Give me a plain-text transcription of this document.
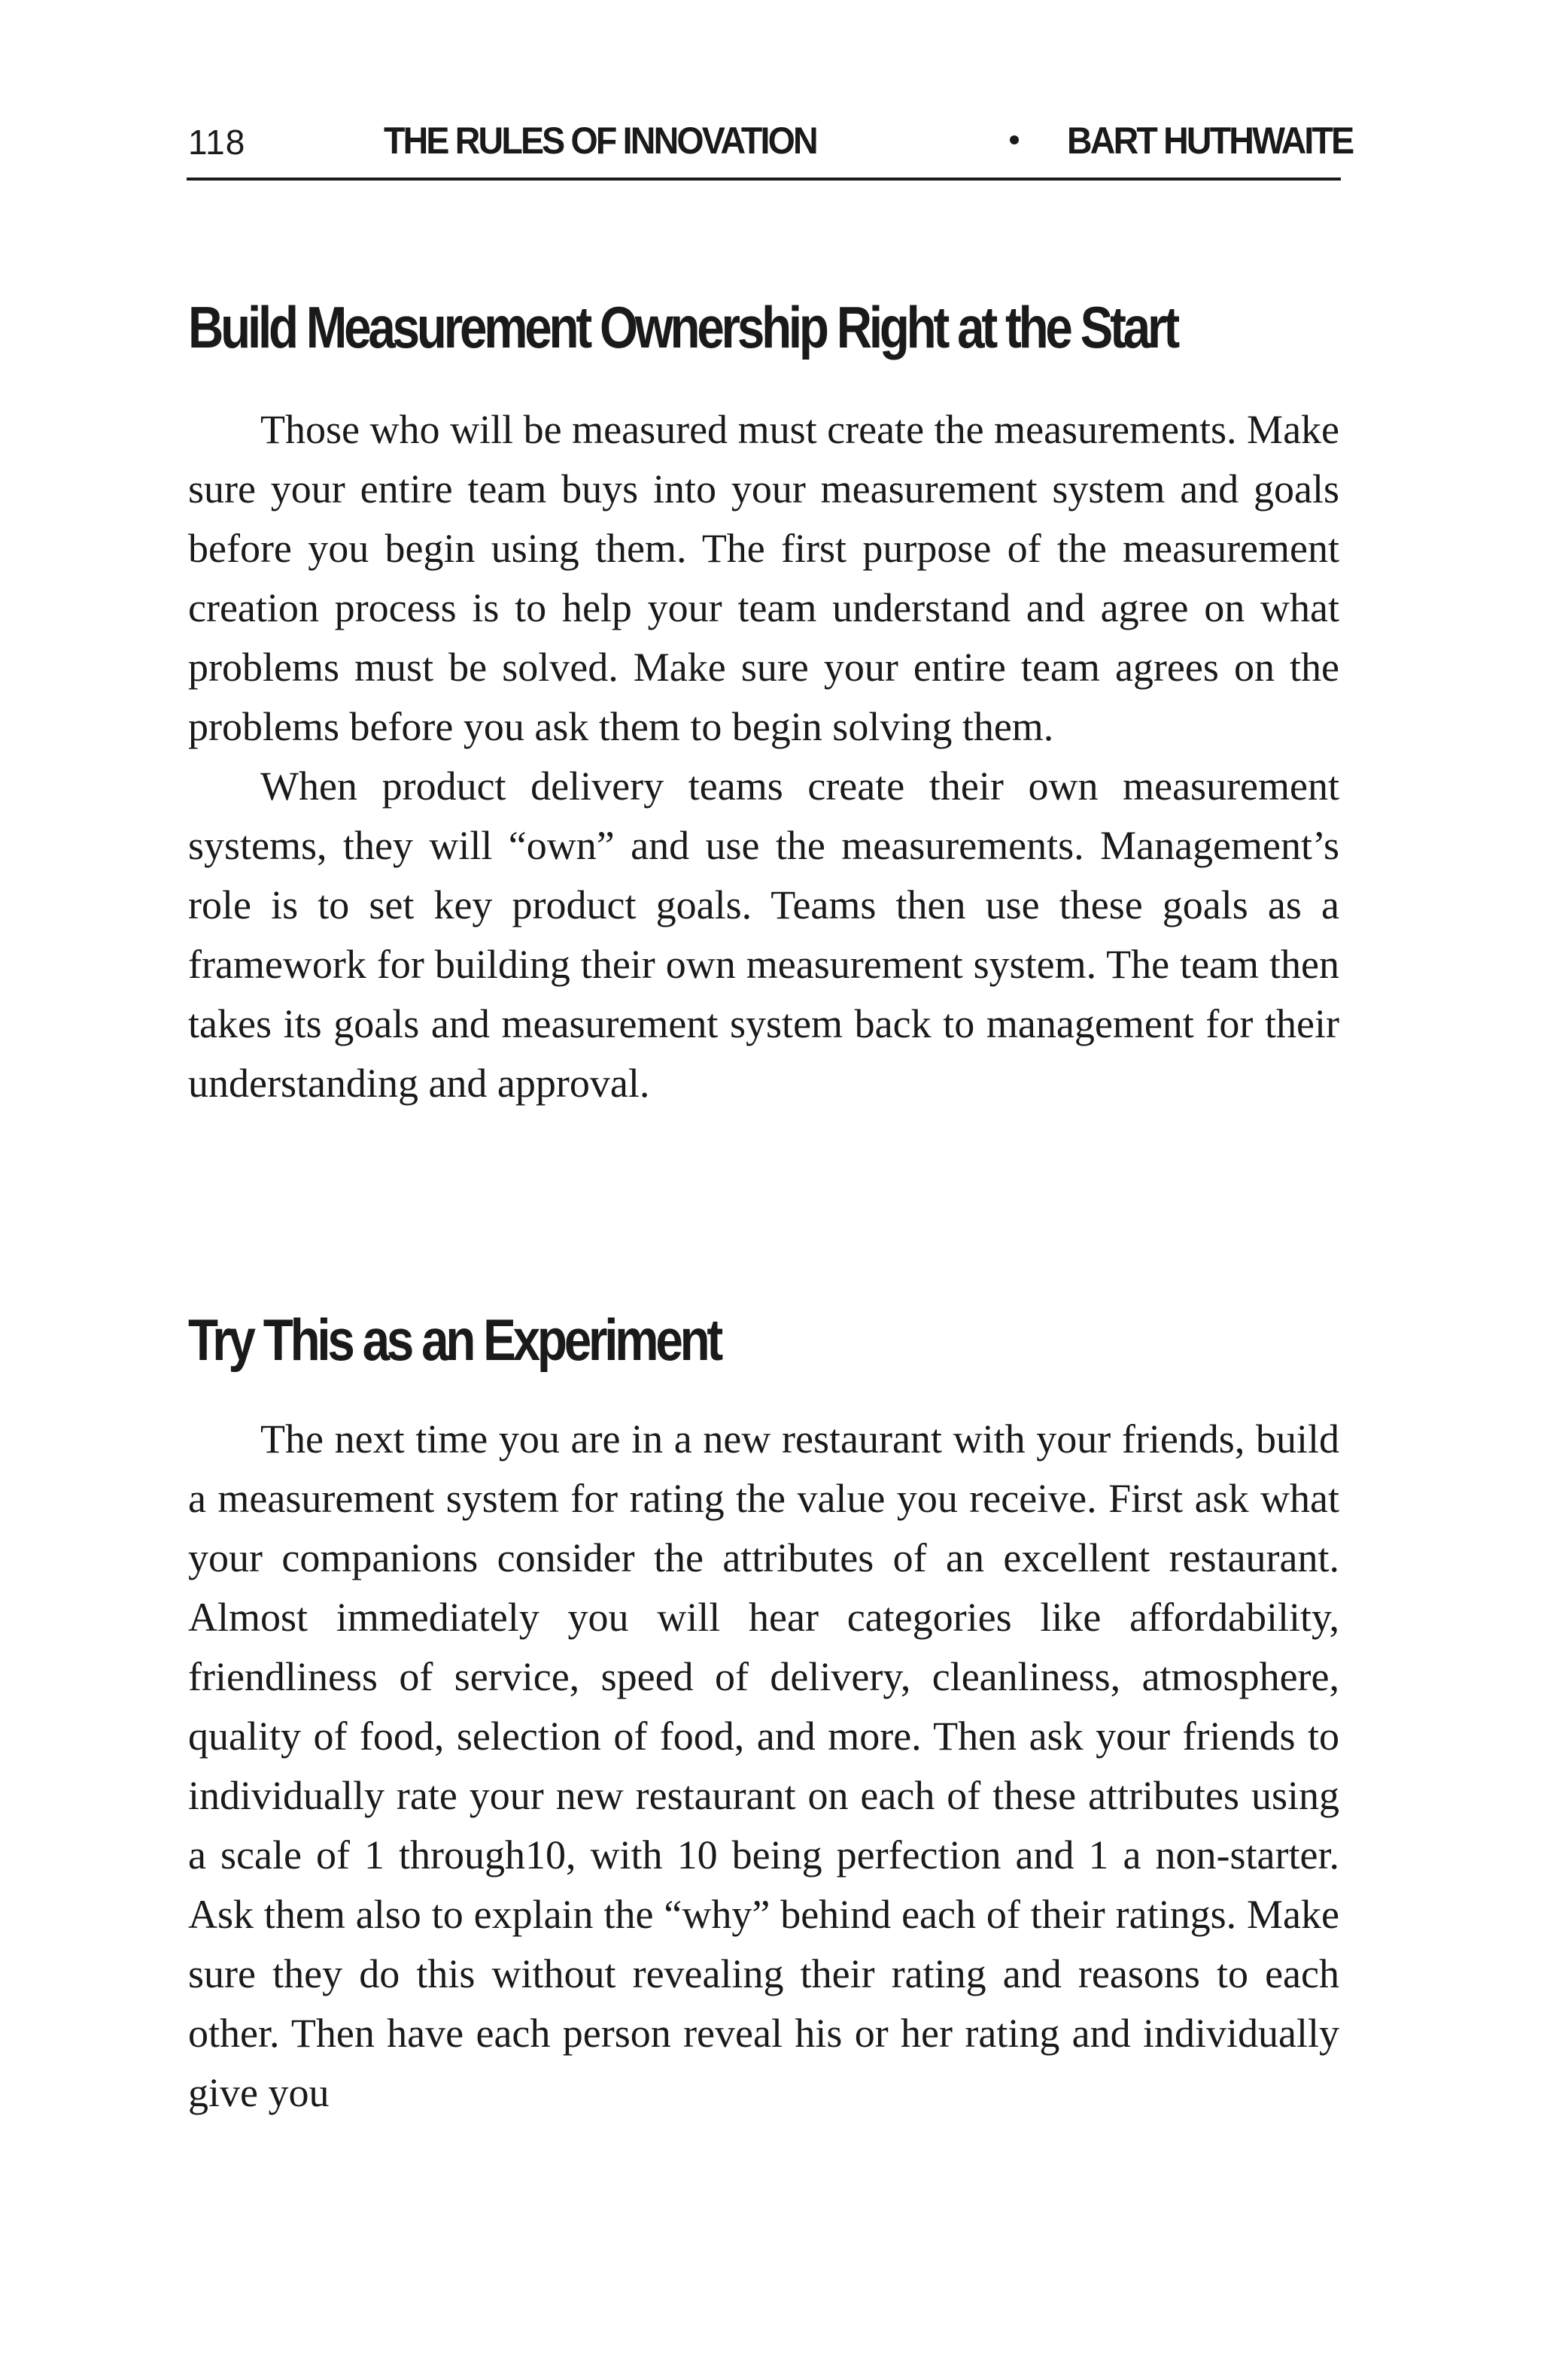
118	THE RULES OF INNOVATION	BART HUTHWAITE
Build Measurement Ownership Right at the Start

Those who will be measured must create the measurements. Make sure your entire team buys into your measurement system and goals before you begin using them. The first purpose of the measurement creation process is to help your team understand and agree on what problems must be solved. Make sure your entire team agrees on the problems before you ask them to begin solving them.

When product delivery teams create their own measurement systems, they will “own” and use the measurements. Management’s role is to set key product goals. Teams then use these goals as a framework for building their own measurement system. The team then takes its goals and measurement system back to management for their understanding and approval.

Try This as an Experiment

The next time you are in a new restaurant with your friends, build a measurement system for rating the value you receive. First ask what your companions consider the attributes of an excellent restaurant. Almost immediately you will hear categories like affordability, friendliness of service, speed of delivery, cleanliness, atmosphere, quality of food, selection of food, and more. Then ask your friends to individually rate your new restaurant on each of these attributes using a scale of 1 through10, with 10 being perfection and 1 a non-starter. Ask them also to explain the “why” behind each of their ratings. Make sure they do this without revealing their rating and reasons to each other. Then have each person reveal his or her rating and individually give you
